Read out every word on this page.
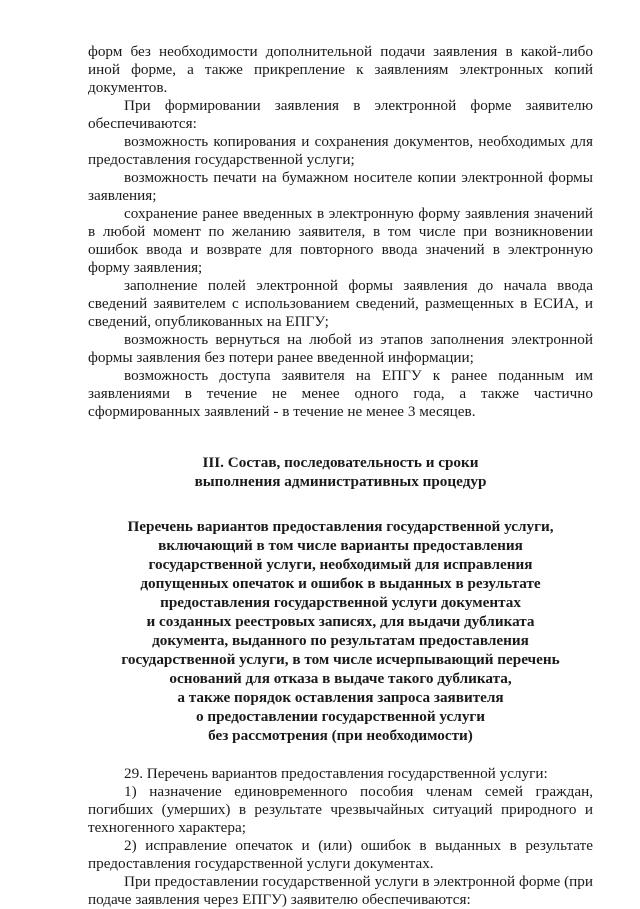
форм без необходимости дополнительной подачи заявления в какой-либо иной форме, а также прикрепление к заявлениям электронных копий документов.

При формировании заявления в электронной форме заявителю обеспечиваются:

возможность копирования и сохранения документов, необходимых для предоставления государственной услуги;

возможность печати на бумажном носителе копии электронной формы заявления;

сохранение ранее введенных в электронную форму заявления значений в любой момент по желанию заявителя, в том числе при возникновении ошибок ввода и возврате для повторного ввода значений в электронную форму заявления;

заполнение полей электронной формы заявления до начала ввода сведений заявителем с использованием сведений, размещенных в ЕСИА, и сведений, опубликованных на ЕПГУ;

возможность вернуться на любой из этапов заполнения электронной формы заявления без потери ранее введенной информации;

возможность доступа заявителя на ЕПГУ к ранее поданным им заявлениями в течение не менее одного года, а также частично сформированных заявлений - в течение не менее 3 месяцев.

III. Состав, последовательность и сроки
выполнения административных процедур
Перечень вариантов предоставления государственной услуги,
включающий в том числе варианты предоставления
государственной услуги, необходимый для исправления
допущенных опечаток и ошибок в выданных в результате
предоставления государственной услуги документах
и созданных реестровых записях, для выдачи дубликата
документа, выданного по результатам предоставления
государственной услуги, в том числе исчерпывающий перечень
оснований для отказа в выдаче такого дубликата,
а также порядок оставления запроса заявителя
о предоставлении государственной услуги
без рассмотрения (при необходимости)

29. Перечень вариантов предоставления государственной услуги:

1) назначение единовременного пособия членам семей граждан, погибших (умерших) в результате чрезвычайных ситуаций природного и техногенного характера;

2) исправление опечаток и (или) ошибок в выданных в результате предоставления государственной услуги документах.

При предоставлении государственной услуги в электронной форме (при подаче заявления через ЕПГУ) заявителю обеспечиваются:
